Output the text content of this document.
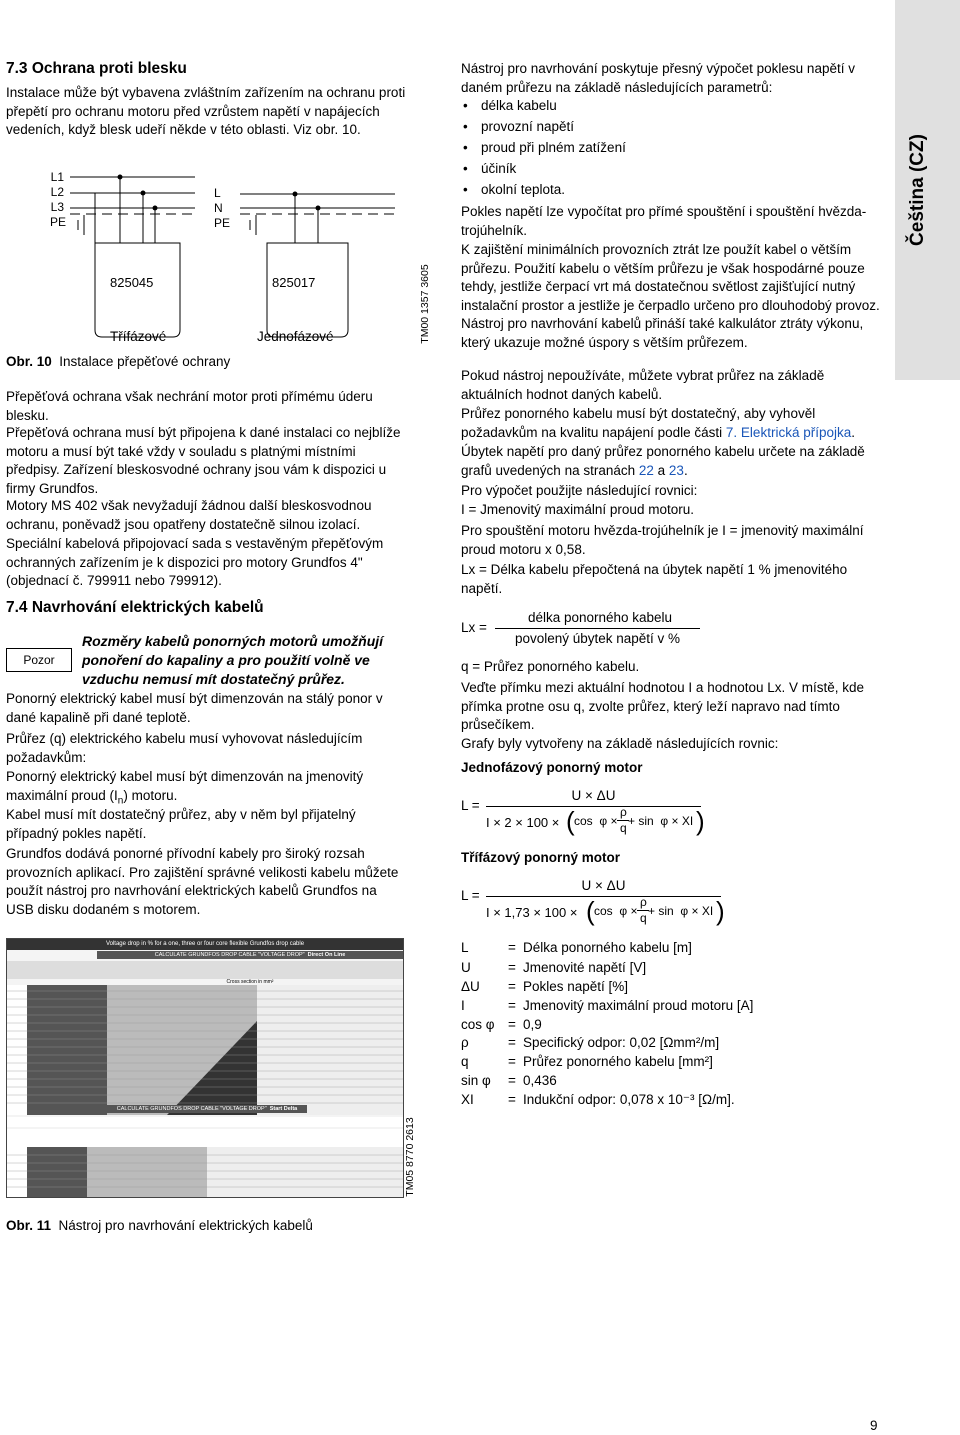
Čeština (CZ)
7.3 Ochrana proti blesku

Instalace může být vybavena zvláštním zařízením na ochranu proti přepětí pro ochranu motoru před vzrůstem napětí v napájecích vedeních, když blesk udeří někde v této oblasti. Viz obr. 10.

L1
L2
L3
PE
L
N
PE
825045	825017
Třífázové	Jednofázové	TM00 1357 3605
Obr. 10 Instalace přepěťové ochrany

Přepěťová ochrana však nechrání motor proti přímému úderu blesku.

Přepěťová ochrana musí být připojena k dané instalaci co nejblíže motoru a musí být také vždy v souladu s platnými místními předpisy. Zařízení bleskosvodné ochrany jsou vám k dispozici u firmy Grundfos.

Motory MS 402 však nevyžadují žádnou další bleskosvodnou ochranu, poněvadž jsou opatřeny dostatečně silnou izolací.

Speciální kabelová připojovací sada s vestavěným přepěťovým ochranných zařízením je k dispozici pro motory Grundfos 4" (objednací č. 799911 nebo 799912).

7.4 Navrhování elektrických kabelů
Pozor
Rozměry kabelů ponorných motorů umožňují ponoření do kapaliny a pro použití volně ve vzduchu nemusí mít dostatečný průřez.

Ponorný elektrický kabel musí být dimenzován na stálý ponor v dané kapalině při dané teplotě.

Průřez (q) elektrického kabelu musí vyhovovat následujícím požadavkům:

Ponorný elektrický kabel musí být dimenzován na jmenovitý maximální proud $(I_n)$ motoru.

Kabel musí mít dostatečný průřez, aby v něm byl přijatelný případný pokles napětí.

Grundfos dodává ponorné přívodní kabely pro široký rozsah provozních aplikací. Pro zajištění správné velikosti kabelu můžete použít nástroj pro navrhování elektrických kabelů Grundfos na USB disku dodaném s motorem.

Voltage drop in % for a one, three or four core flexible Grundfos drop cable
CALCULATE GRUNDFOS DROP CABLE "VOLTAGE DROP" Direct On Line
Cross section in mm²
CALCULATE GRUNDFOS DROP CABLE "VOLTAGE DROP" Start Delta
TM05 8770 2613
Obr. 11 Nástroj pro navrhování elektrických kabelů

Nástroj pro navrhování poskytuje přesný výpočet poklesu napětí v daném průřezu na základě následujících parametrů:

• délka kabelu
• provozní napětí
• proud při plném zatížení
• účiník
• okolní teplota.

Pokles napětí lze vypočítat pro přímé spouštění i spouštění hvězda-trojúhelník.

K zajištění minimálních provozních ztrát lze použít kabel o větším průřezu. Použití kabelu o větším průřezu je však hospodárné pouze tehdy, jestliže čerpací vrt má dostatečnou světlost zajišťující nutný instalační prostor a jestliže je čerpadlo určeno pro dlouhodobý provoz. Nástroj pro navrhování kabelů přináší také kalkulátor ztráty výkonu, který ukazuje možné úspory s větším průřezem.

Pokud nástroj nepoužíváte, můžete vybrat průřez na základě aktuálních hodnot daných kabelů.

Průřez ponorného kabelu musí být dostatečný, aby vyhověl požadavkům na kvalitu napájení podle části 7. Elektrická přípojka.

Úbytek napětí pro daný průřez ponorného kabelu určete na základě grafů uvedených na stranách 22 a 23.

Pro výpočet použijte následující rovnici:

I = Jmenovitý maximální proud motoru.

Pro spouštění motoru hvězda-trojúhelník je I = jmenovitý maximální proud motoru x 0,58.

Lx = Délka kabelu přepočtená na úbytek napětí 1 % jmenovitého napětí.

Lx =
délka ponorného kabelu
povolený úbytek napětí v %

q = Průřez ponorného kabelu.

Veďte přímku mezi aktuální hodnotou I a hodnotou Lx. V místě, kde přímka protne osu q, zvolte průřez, který leží napravo nad tímto průsečíkem.

Grafy byly vytvořeny na základě následujících rovnic:

Jednofázový ponorný motor
L =
U × ΔU
I × 2 × 100 × ( cos φ ×
ρ
q + sin φ × XI )
Třífázový ponorný motor
L =
U × ΔU
I × 1,73 × 100 × ( cos φ ×
ρ
q + sin φ × XI )
L	= Délka ponorného kabelu [m]
U	= Jmenovité napětí [V]
ΔU = Pokles napětí [%]
I	= Jmenovitý maximální proud motoru [A]
cos φ = 0,9
ρ	= Specifický odpor: 0,02 [Ωmm²/m]
q	= Průřez ponorného kabelu [mm²]
sin φ = 0,436
XI	= Indukční odpor: 0,078 x 10⁻³ [Ω/m].
9
